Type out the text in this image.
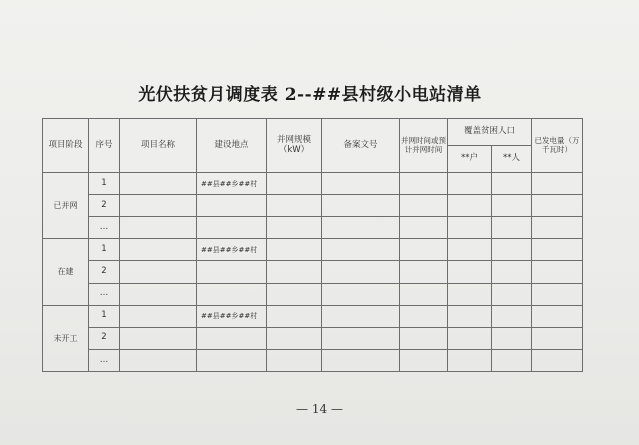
光伏扶贫月调度表 2--##县村级小电站清单
项目阶段	序号	项目名称	建设地点	并网规模（kW）	备案文号	并网时间或预计并网时间	覆盖贫困人口		已发电量（万千瓦时）
							**户	**人	
已并网	1		##县##乡##村						
	2								
	…								
在建	1		##县##乡##村						
	2								
	…								
未开工	1		##县##乡##村						
	2								
	…								
— 14 —
